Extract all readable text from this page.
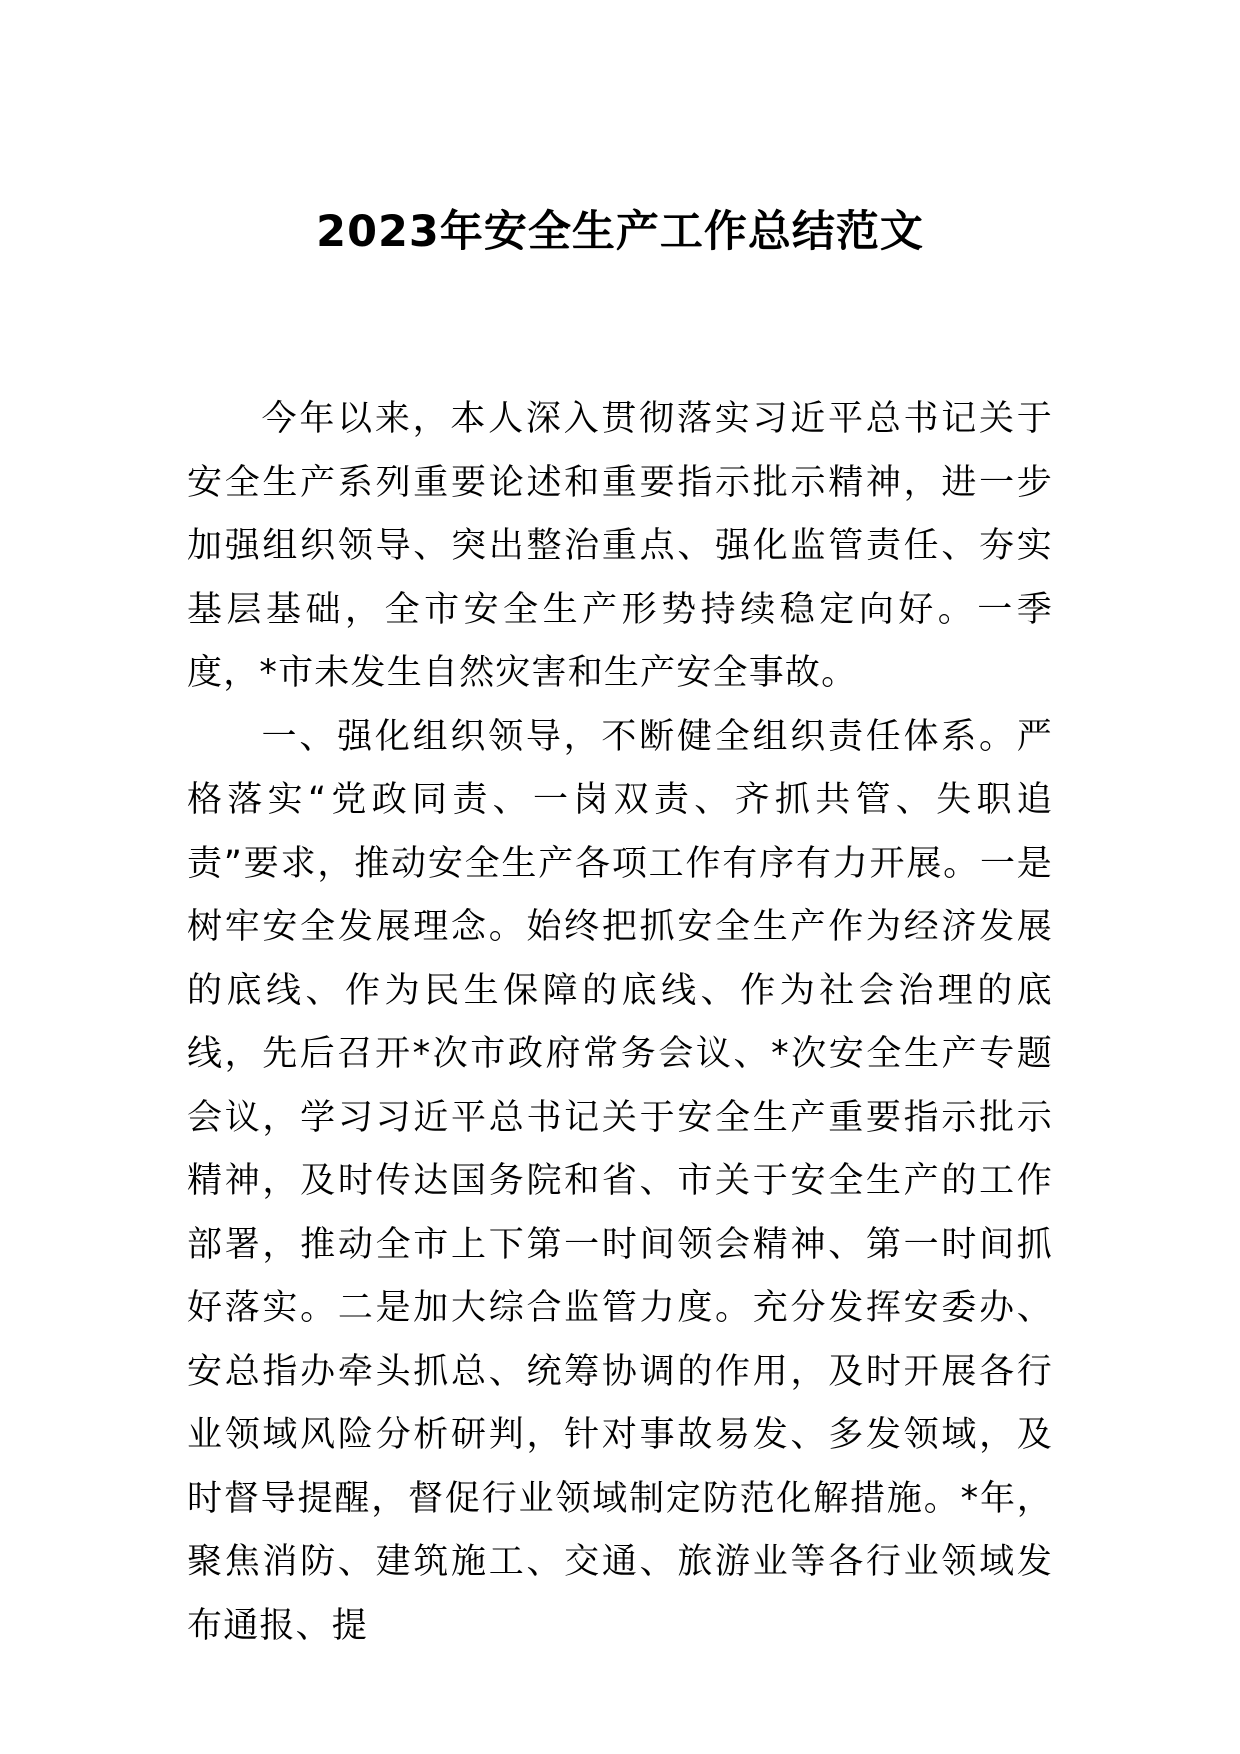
2023年安全生产工作总结范文

今年以来，本人深入贯彻落实习近平总书记关于安全生产系列重要论述和重要指示批示精神，进一步加强组织领导、突出整治重点、强化监管责任、夯实基层基础，全市安全生产形势持续稳定向好。一季度，*市未发生自然灾害和生产安全事故。

一、强化组织领导，不断健全组织责任体系。严格落实“党政同责、一岗双责、齐抓共管、失职追责”要求，推动安全生产各项工作有序有力开展。一是树牢安全发展理念。始终把抓安全生产作为经济发展的底线、作为民生保障的底线、作为社会治理的底线，先后召开*次市政府常务会议、*次安全生产专题会议，学习习近平总书记关于安全生产重要指示批示精神，及时传达国务院和省、市关于安全生产的工作部署，推动全市上下第一时间领会精神、第一时间抓好落实。二是加大综合监管力度。充分发挥安委办、安总指办牵头抓总、统筹协调的作用，及时开展各行业领域风险分析研判，针对事故易发、多发领域，及时督导提醒，督促行业领域制定防范化解措施。*年，聚焦消防、建筑施工、交通、旅游业等各行业领域发布通报、提
